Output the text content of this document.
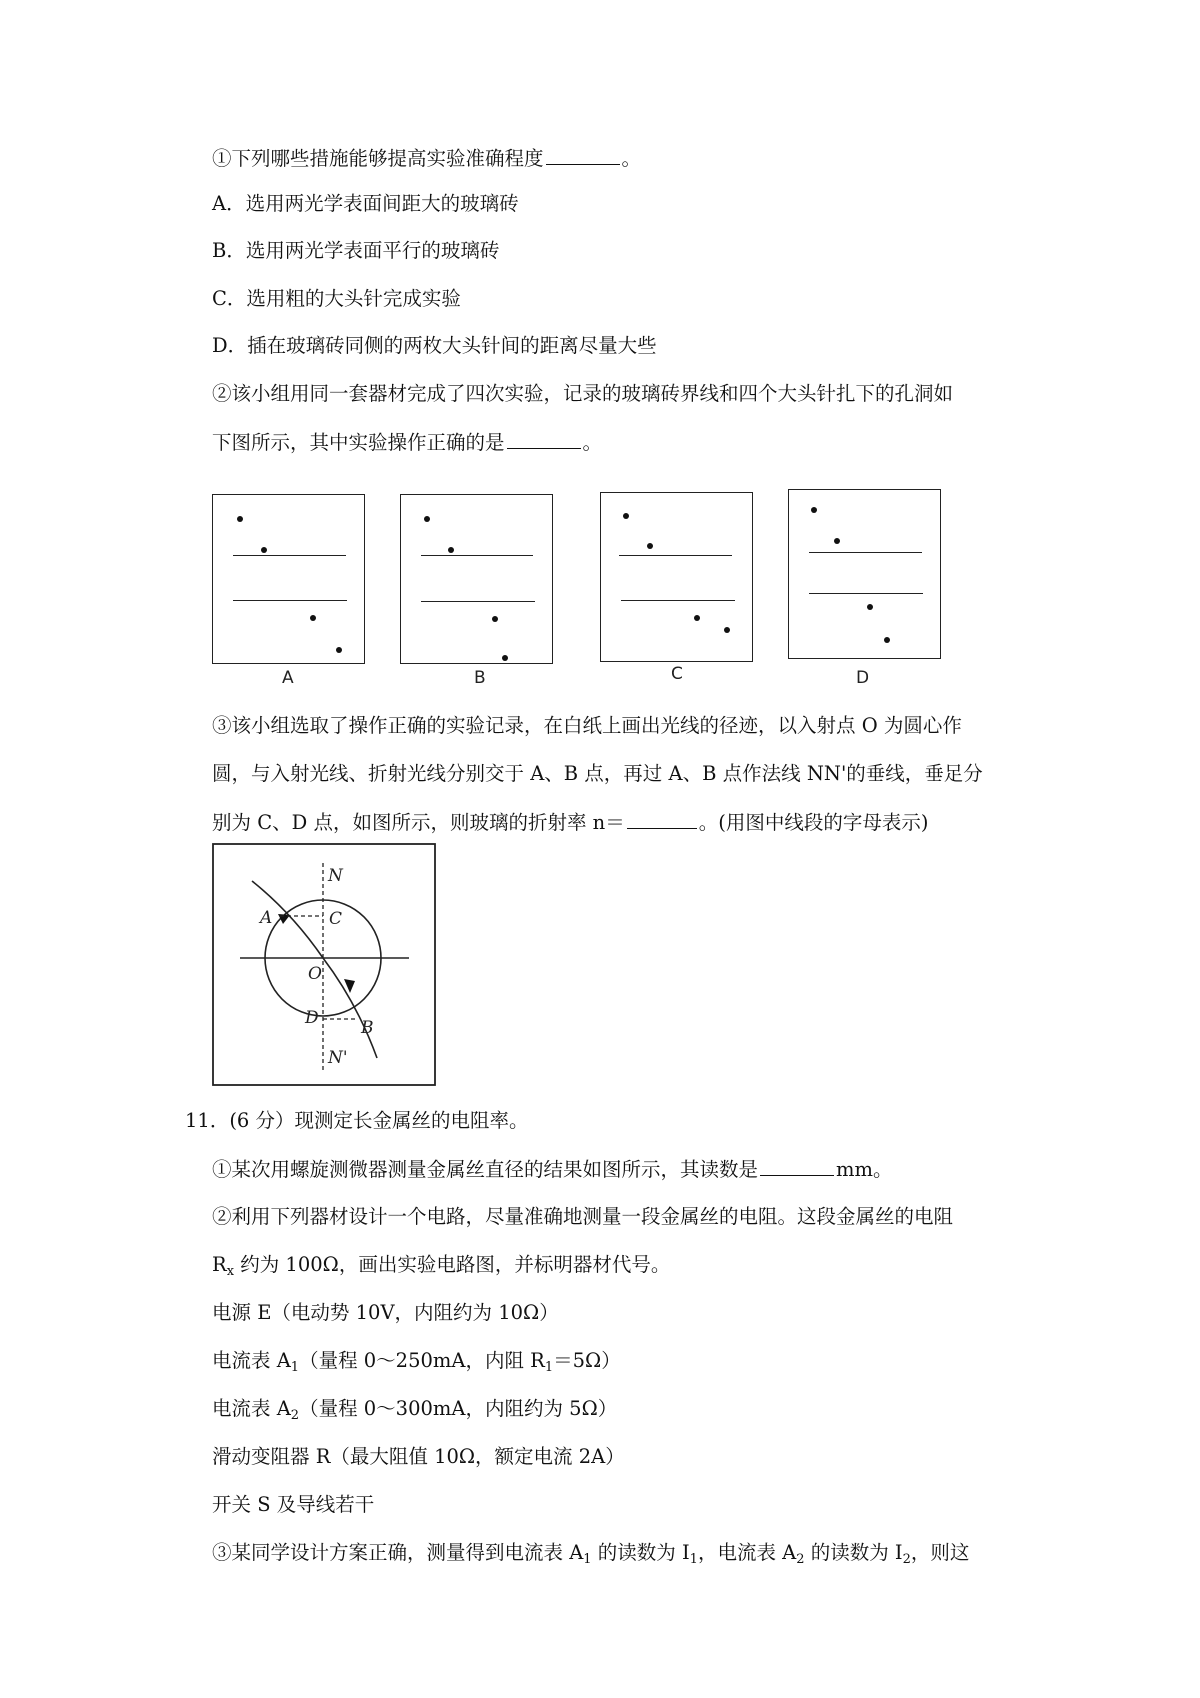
①下列哪些措施能够提高实验准确程度	。
A．选用两光学表面间距大的玻璃砖
B．选用两光学表面平行的玻璃砖
C．选用粗的大头针完成实验
D．插在玻璃砖同侧的两枚大头针间的距离尽量大些
②该小组用同一套器材完成了四次实验，记录的玻璃砖界线和四个大头针扎下的孔洞如
下图所示，其中实验操作正确的是	。
A	B	C	D
③该小组选取了操作正确的实验记录，在白纸上画出光线的径迹，以入射点 O 为圆心作
圆，与入射光线、折射光线分别交于 A、B 点，再过 A、B 点作法线 NN'的垂线，垂足分
别为 C、D 点，如图所示，则玻璃的折射率 n＝	。(用图中线段的字母表示)
N
A	C
O
D B
N'
11．(6 分）现测定长金属丝的电阻率。
①某次用螺旋测微器测量金属丝直径的结果如图所示，其读数是	mm。
②利用下列器材设计一个电路，尽量准确地测量一段金属丝的电阻。这段金属丝的电阻
$R_x$ 约为 100Ω，画出实验电路图，并标明器材代号。
电源 E（电动势 10V，内阻约为 10Ω）
电流表 $A_1$（量程 0～250mA，内阻 $R_1=5\Omega$）
电流表 $A_2$（量程 0～300mA，内阻约为 5Ω）
滑动变阻器 R（最大阻值 10Ω，额定电流 2A）
开关 S 及导线若干
③某同学设计方案正确，测量得到电流表 $A_1$ 的读数为 $I_1$，电流表 $A_2$ 的读数为 $I_2$，则这
